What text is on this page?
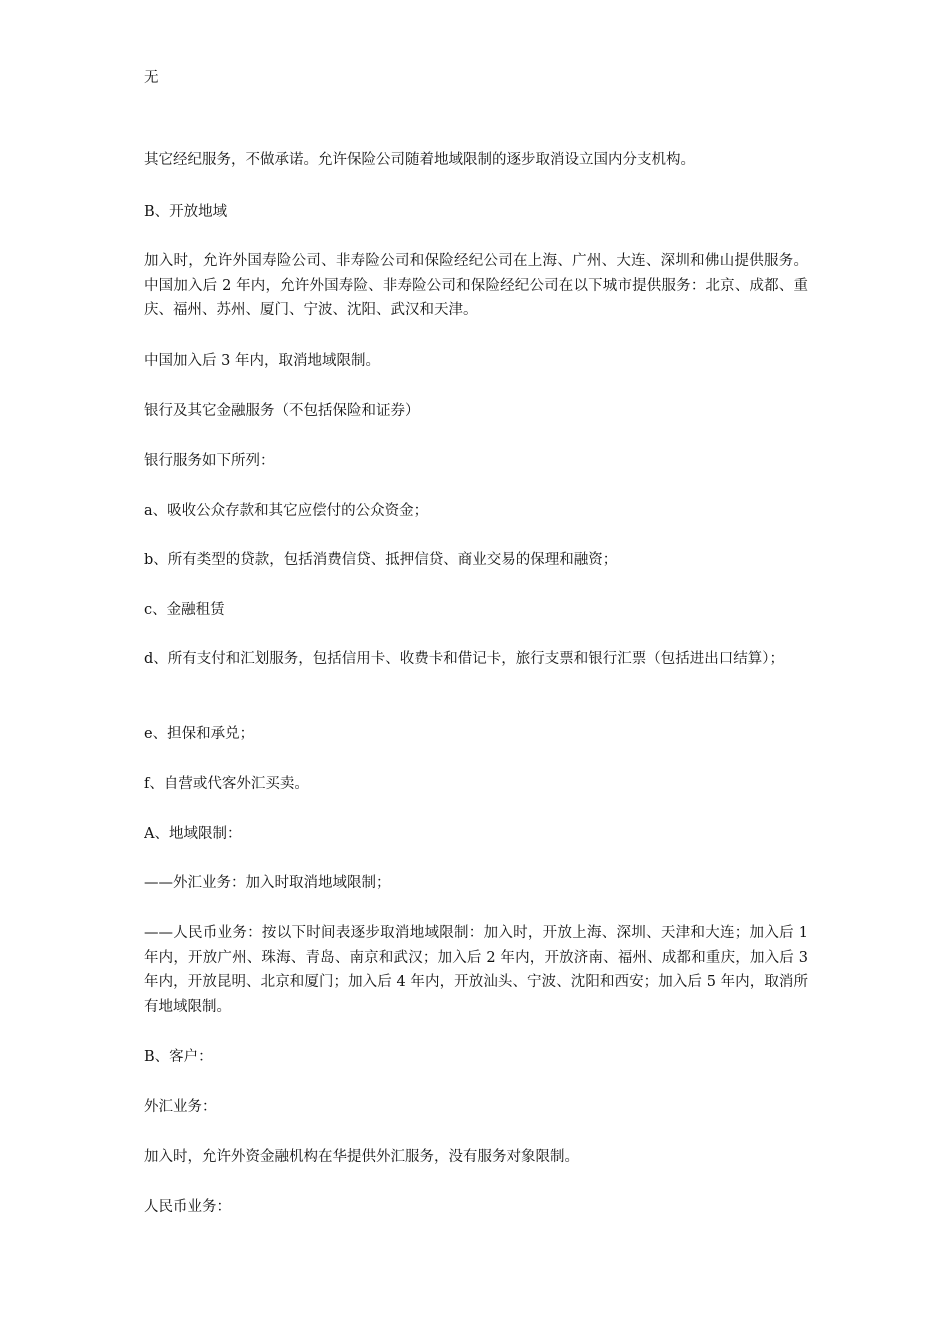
无
其它经纪服务，不做承诺。允许保险公司随着地域限制的逐步取消设立国内分支机构。
B、开放地域
加入时，允许外国寿险公司、非寿险公司和保险经纪公司在上海、广州、大连、深圳和佛山提供服务。中国加入后 2 年内，允许外国寿险、非寿险公司和保险经纪公司在以下城市提供服务：北京、成都、重庆、福州、苏州、厦门、宁波、沈阳、武汉和天津。
中国加入后 3 年内，取消地域限制。
银行及其它金融服务（不包括保险和证券）
银行服务如下所列：
a、吸收公众存款和其它应偿付的公众资金；
b、所有类型的贷款，包括消费信贷、抵押信贷、商业交易的保理和融资；
c、金融租赁
d、所有支付和汇划服务，包括信用卡、收费卡和借记卡，旅行支票和银行汇票（包括进出口结算）；
e、担保和承兑；
f、自营或代客外汇买卖。
A、地域限制：
——外汇业务：加入时取消地域限制；
——人民币业务：按以下时间表逐步取消地域限制：加入时，开放上海、深圳、天津和大连；加入后 1 年内，开放广州、珠海、青岛、南京和武汉；加入后 2 年内，开放济南、福州、成都和重庆，加入后 3 年内，开放昆明、北京和厦门；加入后 4 年内，开放汕头、宁波、沈阳和西安；加入后 5 年内，取消所有地域限制。
B、客户：
外汇业务：
加入时，允许外资金融机构在华提供外汇服务，没有服务对象限制。
人民币业务：
